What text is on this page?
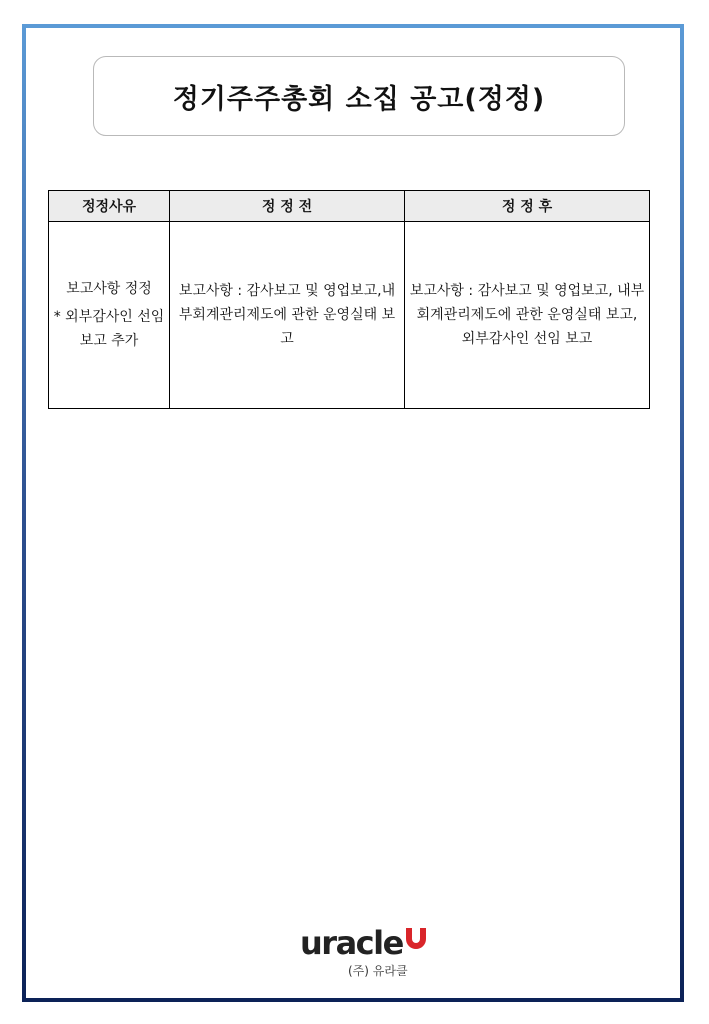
정기주주총회 소집 공고(정정)
정정사유	정 정 전	정 정 후

보고사항 정정
* 외부감사인 선임보고 추가	보고사항 : 감사보고 및 영업보고,내부회계관리제도에 관한 운영실태 보고	보고사항 : 감사보고 및 영업보고, 내부회계관리제도에 관한 운영실태 보고, 외부감사인 선임 보고
uracle
(주) 유라클
